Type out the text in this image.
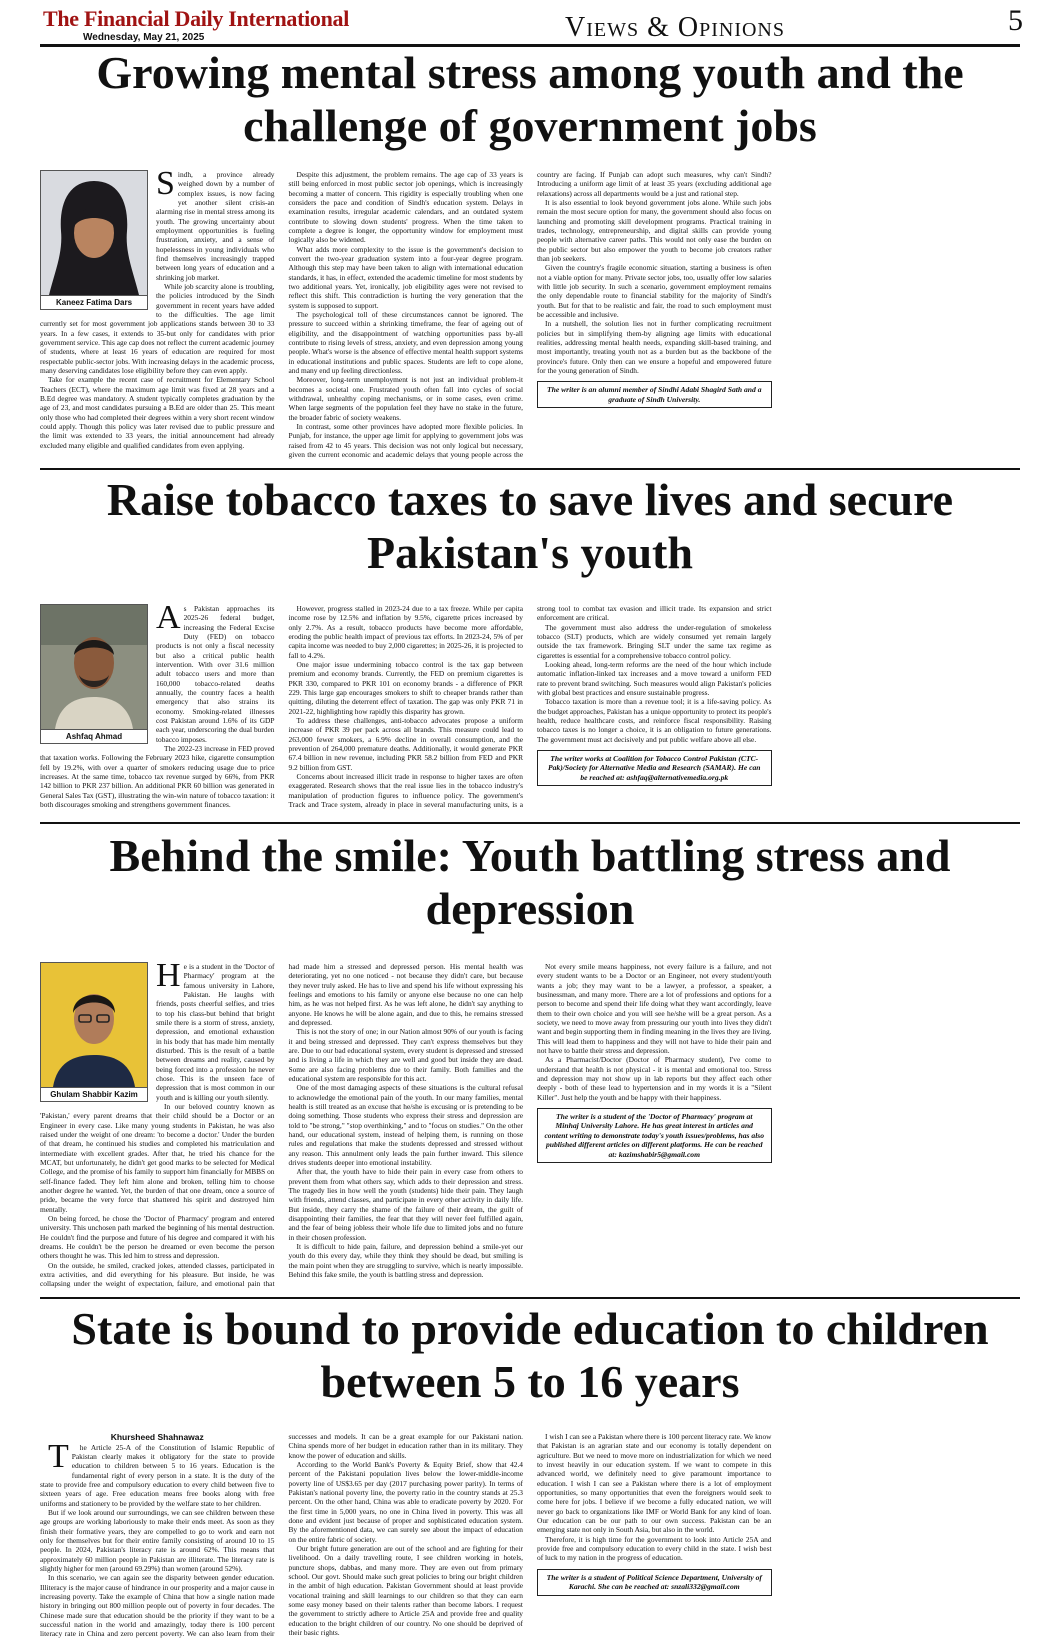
The Financial Daily International
Wednesday, May 21, 2025	Views & Opinions	5
Growing mental stress among youth and the challenge of government jobs
Kaneez Fatima Dars

Sindh, a province already weighed down by a number of complex issues, is now facing yet another silent crisis-an alarming rise in mental stress among its youth. The growing uncertainty about employment opportunities is fueling frustration, anxiety, and a sense of hopelessness in young individuals who find themselves increasingly trapped between long years of education and a shrinking job market.

While job scarcity alone is troubling, the policies introduced by the Sindh government in recent years have added to the difficulties. The age limit currently set for most government job applications stands between 30 to 33 years. In a few cases, it extends to 35-but only for candidates with prior government service. This age cap does not reflect the current academic journey of students, where at least 16 years of education are required for most respectable public-sector jobs. With increasing delays in the academic process, many deserving candidates lose eligibility before they can even apply.

Take for example the recent case of recruitment for Elementary School Teachers (ECT), where the maximum age limit was fixed at 28 years and a B.Ed degree was mandatory. A student typically completes graduation by the age of 23, and most candidates pursuing a B.Ed are older than 25. This meant only those who had completed their degrees within a very short recent window could apply. Though this policy was later revised due to public pressure and the limit was extended to 33 years, the initial announcement had already excluded many eligible and qualified candidates from even applying.

Despite this adjustment, the problem remains. The age cap of 33 years is still being enforced in most public sector job openings, which is increasingly becoming a matter of concern. This rigidity is especially troubling when one considers the pace and condition of Sindh's education system. Delays in examination results, irregular academic calendars, and an outdated system contribute to slowing down students' progress. When the time taken to complete a degree is longer, the opportunity window for employment must logically also be widened.

What adds more complexity to the issue is the government's decision to convert the two-year graduation system into a four-year degree program. Although this step may have been taken to align with international education standards, it has, in effect, extended the academic timeline for most students by two additional years. Yet, ironically, job eligibility ages were not revised to reflect this shift. This contradiction is hurting the very generation that the system is supposed to support.

The psychological toll of these circumstances cannot be ignored. The pressure to succeed within a shrinking timeframe, the fear of ageing out of eligibility, and the disappointment of watching opportunities pass by-all contribute to rising levels of stress, anxiety, and even depression among young people. What's worse is the absence of effective mental health support systems in educational institutions and public spaces. Students are left to cope alone, and many end up feeling directionless.

Moreover, long-term unemployment is not just an individual problem-it becomes a societal one. Frustrated youth often fall into cycles of social withdrawal, unhealthy coping mechanisms, or in some cases, even crime. When large segments of the population feel they have no stake in the future, the broader fabric of society weakens.

In contrast, some other provinces have adopted more flexible policies. In Punjab, for instance, the upper age limit for applying to government jobs was raised from 42 to 45 years. This decision was not only logical but necessary, given the current economic and academic delays that young people across the country are facing. If Punjab can adopt such measures, why can't Sindh? Introducing a uniform age limit of at least 35 years (excluding additional age relaxations) across all departments would be a just and rational step.

It is also essential to look beyond government jobs alone. While such jobs remain the most secure option for many, the government should also focus on launching and promoting skill development programs. Practical training in trades, technology, entrepreneurship, and digital skills can provide young people with alternative career paths. This would not only ease the burden on the public sector but also empower the youth to become job creators rather than job seekers.

Given the country's fragile economic situation, starting a business is often not a viable option for many. Private sector jobs, too, usually offer low salaries with little job security. In such a scenario, government employment remains the only dependable route to financial stability for the majority of Sindh's youth. But for that to be realistic and fair, the road to such employment must be accessible and inclusive.

In a nutshell, the solution lies not in further complicating recruitment policies but in simplifying them-by aligning age limits with educational realities, addressing mental health needs, expanding skill-based training, and most importantly, treating youth not as a burden but as the backbone of the province's future. Only then can we ensure a hopeful and empowered future for the young generation of Sindh.

The writer is an alumni member of Sindhi Adabi Shagird Sath and a graduate of Sindh University.
Raise tobacco taxes to save lives and secure Pakistan's youth
Ashfaq Ahmad

As Pakistan approaches its 2025-26 federal budget, increasing the Federal Excise Duty (FED) on tobacco products is not only a fiscal necessity but also a critical public health intervention. With over 31.6 million adult tobacco users and more than 160,000 tobacco-related deaths annually, the country faces a health emergency that also strains its economy. Smoking-related illnesses cost Pakistan around 1.6% of its GDP each year, underscoring the dual burden tobacco imposes.

The 2022-23 increase in FED proved that taxation works. Following the February 2023 hike, cigarette consumption fell by 19.2%, with over a quarter of smokers reducing usage due to price increases. At the same time, tobacco tax revenue surged by 66%, from PKR 142 billion to PKR 237 billion. An additional PKR 60 billion was generated in General Sales Tax (GST), illustrating the win-win nature of tobacco taxation: it both discourages smoking and strengthens government finances.

However, progress stalled in 2023-24 due to a tax freeze. While per capita income rose by 12.5% and inflation by 9.5%, cigarette prices increased by only 2.7%. As a result, tobacco products have become more affordable, eroding the public health impact of previous tax efforts. In 2023-24, 5% of per capita income was needed to buy 2,000 cigarettes; in 2025-26, it is projected to fall to 4.2%.

One major issue undermining tobacco control is the tax gap between premium and economy brands. Currently, the FED on premium cigarettes is PKR 330, compared to PKR 101 on economy brands - a difference of PKR 229. This large gap encourages smokers to shift to cheaper brands rather than quitting, diluting the deterrent effect of taxation. The gap was only PKR 71 in 2021-22, highlighting how rapidly this disparity has grown.

To address these challenges, anti-tobacco advocates propose a uniform increase of PKR 39 per pack across all brands. This measure could lead to 263,000 fewer smokers, a 6.9% decline in overall consumption, and the prevention of 264,000 premature deaths. Additionally, it would generate PKR 67.4 billion in new revenue, including PKR 58.2 billion from FED and PKR 9.2 billion from GST.

Concerns about increased illicit trade in response to higher taxes are often exaggerated. Research shows that the real issue lies in the tobacco industry's manipulation of production figures to influence policy. The government's Track and Trace system, already in place in several manufacturing units, is a strong tool to combat tax evasion and illicit trade. Its expansion and strict enforcement are critical.

The government must also address the under-regulation of smokeless tobacco (SLT) products, which are widely consumed yet remain largely outside the tax framework. Bringing SLT under the same tax regime as cigarettes is essential for a comprehensive tobacco control policy.

Looking ahead, long-term reforms are the need of the hour which include automatic inflation-linked tax increases and a move toward a uniform FED rate to prevent brand switching. Such measures would align Pakistan's policies with global best practices and ensure sustainable progress.

Tobacco taxation is more than a revenue tool; it is a life-saving policy. As the budget approaches, Pakistan has a unique opportunity to protect its people's health, reduce healthcare costs, and reinforce fiscal responsibility. Raising tobacco taxes is no longer a choice, it is an obligation to future generations. The government must act decisively and put public welfare above all else.

The writer works at Coalition for Tobacco Control Pakistan (CTC-Pak)/Society for Alternative Media and Research (SAMAR). He can be reached at: ashfaq@alternativemedia.org.pk
Behind the smile: Youth battling stress and depression
Ghulam Shabbir Kazim

He is a student in the 'Doctor of Pharmacy' program at the famous university in Lahore, Pakistan. He laughs with friends, posts cheerful selfies, and tries to top his class-but behind that bright smile there is a storm of stress, anxiety, depression, and emotional exhaustion in his body that has made him mentally disturbed. This is the result of a battle between dreams and reality, caused by being forced into a profession he never chose. This is the unseen face of depression that is most common in our youth and is killing our youth silently.

In our beloved country known as 'Pakistan,' every parent dreams that their child should be a Doctor or an Engineer in every case. Like many young students in Pakistan, he was also raised under the weight of one dream: 'to become a doctor.' Under the burden of that dream, he continued his studies and completed his matriculation and intermediate with excellent grades. After that, he tried his chance for the MCAT, but unfortunately, he didn't get good marks to be selected for Medical College, and the promise of his family to support him financially for MBBS on self-finance faded. They left him alone and broken, telling him to choose another degree he wanted. Yet, the burden of that one dream, once a source of pride, became the very force that shattered his spirit and destroyed him mentally.

On being forced, he chose the 'Doctor of Pharmacy' program and entered university. This unchosen path marked the beginning of his mental destruction. He couldn't find the purpose and future of his degree and compared it with his dreams. He couldn't be the person he dreamed or even become the person others thought he was. This led him to stress and depression.

On the outside, he smiled, cracked jokes, attended classes, participated in extra activities, and did everything for his pleasure. But inside, he was collapsing under the weight of expectation, failure, and emotional pain that had made him a stressed and depressed person. His mental health was deteriorating, yet no one noticed - not because they didn't care, but because they never truly asked. He has to live and spend his life without expressing his feelings and emotions to his family or anyone else because no one can help him, as he was not helped first. As he was left alone, he didn't say anything to anyone. He knows he will be alone again, and due to this, he remains stressed and depressed.

This is not the story of one; in our Nation almost 90% of our youth is facing it and being stressed and depressed. They can't express themselves but they are. Due to our bad educational system, every student is depressed and stressed and is living a life in which they are well and good but inside they are dead. Some are also facing problems due to their family. Both families and the educational system are responsible for this act.

One of the most damaging aspects of these situations is the cultural refusal to acknowledge the emotional pain of the youth. In our many families, mental health is still treated as an excuse that he/she is excusing or is pretending to be doing something. Those students who express their stress and depression are told to "be strong," "stop overthinking," and to "focus on studies." On the other hand, our educational system, instead of helping them, is running on those rules and regulations that make the students depressed and stressed without any reason. This annulment only leads the pain further inward. This silence drives students deeper into emotional instability.

After that, the youth have to hide their pain in every case from others to prevent them from what others say, which adds to their depression and stress. The tragedy lies in how well the youth (students) hide their pain. They laugh with friends, attend classes, and participate in every other activity in daily life. But inside, they carry the shame of the failure of their dream, the guilt of disappointing their families, the fear that they will never feel fulfilled again, and the fear of being jobless their whole life due to limited jobs and no future in their chosen profession.

It is difficult to hide pain, failure, and depression behind a smile-yet our youth do this every day, while they think they should be dead, but smiling is the main point when they are struggling to survive, which is nearly impossible. Behind this fake smile, the youth is battling stress and depression.

Not every smile means happiness, not every failure is a failure, and not every student wants to be a Doctor or an Engineer, not every student/youth wants a job; they may want to be a lawyer, a professor, a speaker, a businessman, and many more. There are a lot of professions and options for a person to become and spend their life doing what they want accordingly, leave them to their own choice and you will see he/she will be a great person. As a society, we need to move away from pressuring our youth into lives they didn't want and begin supporting them in finding meaning in the lives they are living. This will lead them to happiness and they will not have to hide their pain and not have to battle their stress and depression.

As a Pharmacist/Doctor (Doctor of Pharmacy student), I've come to understand that health is not physical - it is mental and emotional too. Stress and depression may not show up in lab reports but they affect each other deeply - both of these lead to hypertension and in my words it is a "Silent Killer". Just help the youth and be happy with their happiness.

The writer is a student of the 'Doctor of Pharmacy' program at Minhaj University Lahore. He has great interest in articles and content writing to demonstrate today's youth issues/problems, has also published different articles on different platforms. He can be reached at: kazimshabir5@gmail.com
State is bound to provide education to children between 5 to 16 years

Khursheed Shahnawaz

T he Article 25-A of the Constitution of Islamic Republic of Pakistan clearly makes it obligatory for the state to provide education to children between 5 to 16 years. Education is the fundamental right of every person in a state. It is the duty of the state to provide free and compulsory education to every child between five to sixteen years of age. Free education means free books along with free uniforms and stationery to be provided by the welfare state to her children.

But if we look around our surroundings, we can see children between these age groups are working laboriously to make their ends meet. As soon as they finish their formative years, they are compelled to go to work and earn not only for themselves but for their entire family consisting of around 10 to 15 people. In 2024, Pakistan's literacy rate is around 62%. This means that approximately 60 million people in Pakistan are illiterate. The literacy rate is slightly higher for men (around 69.29%) than women (around 52%).

In this scenario, we can again see the disparity between gender education. Illiteracy is the major cause of hindrance in our prosperity and a major cause in increasing poverty. Take the example of China that how a single nation made history in bringing out 800 million people out of poverty in four decades. The Chinese made sure that education should be the priority if they want to be a successful nation in the world and amazingly, today there is 100 percent literacy rate in China and zero percent poverty. We can also learn from their successes and models. It can be a great example for our Pakistani nation. China spends more of her budget in education rather than in its military. They know the power of education and skills.

According to the World Bank's Poverty & Equity Brief, show that 42.4 percent of the Pakistani population lives below the lower-middle-income poverty line of US$3.65 per day (2017 purchasing power parity). In terms of Pakistan's national poverty line, the poverty ratio in the country stands at 25.3 percent. On the other hand, China was able to eradicate poverty by 2020. For the first time in 5,000 years, no one in China lived in poverty. This was all done and evident just because of proper and sophisticated education system. By the aforementioned data, we can surely see about the impact of education on the entire fabric of society.

Our bright future generation are out of the school and are fighting for their livelihood. On a daily travelling route, I see children working in hotels, puncture shops, dabbas, and many more. They are even out from primary school. Our govt. Should make such great policies to bring our bright children in the ambit of high education. Pakistan Government should at least provide vocational training and skill learnings to our children so that they can earn some easy money based on their talents rather than become labors. I request the government to strictly adhere to Article 25A and provide free and quality education to the bright children of our country. No one should be deprived of their basic rights.

I wish I can see a Pakistan where there is 100 percent literacy rate. We know that Pakistan is an agrarian state and our economy is totally dependent on agriculture. But we need to move more on industrialization for which we need to invest heavily in our education system. If we want to compete in this advanced world, we definitely need to give paramount importance to education. I wish I can see a Pakistan where there is a lot of employment opportunities, so many opportunities that even the foreigners would seek to come here for jobs. I believe if we become a fully educated nation, we will never go back to organizations like IMF or World Bank for any kind of loan. Our education can be our path to our own success. Pakistan can be an emerging state not only in South Asia, but also in the world.

Therefore, it is high time for the government to look into Article 25A and provide free and compulsory education to every child in the state. I wish best of luck to my nation in the progress of education.

The writer is a student of Political Science Department, University of Karachi. She can be reached at: snzali332@gmail.com
